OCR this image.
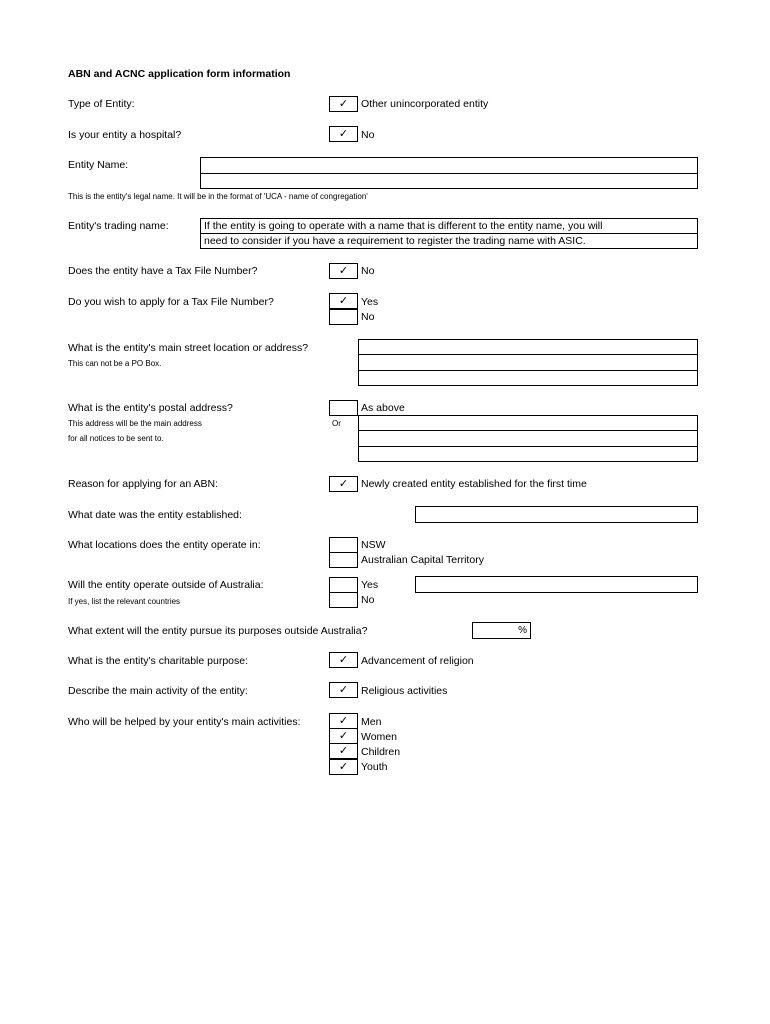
ABN and ACNC application form information
Type of Entity:	✓	Other unincorporated entity
Is your entity a hospital?	✓	No
Entity Name:
This is the entity's legal name. It will be in the format of 'UCA - name of congregation'
Entity's trading name:	If the entity is going to operate with a name that is different to the entity name, you will
need to consider if you have a requirement to register the trading name with ASIC.
Does the entity have a Tax File Number?	✓	No
Do you wish to apply for a Tax File Number?	✓	Yes
No
What is the entity's main street location or address?
This can not be a PO Box.
What is the entity's postal address?
This address will be the main address
for all notices to be sent to.
As above
Or
Reason for applying for an ABN:	✓	Newly created entity established for the first time
What date was the entity established:
What locations does the entity operate in:	NSW
Australian Capital Territory
Will the entity operate outside of Australia:
If yes, list the relevant countries
Yes
No
What extent will the entity pursue its purposes outside Australia?	%
What is the entity's charitable purpose:	✓	Advancement of religion
Describe the main activity of the entity:	✓	Religious activities
Who will be helped by your entity's main activities:	✓	Men
✓	Women
✓	Children
✓	Youth
